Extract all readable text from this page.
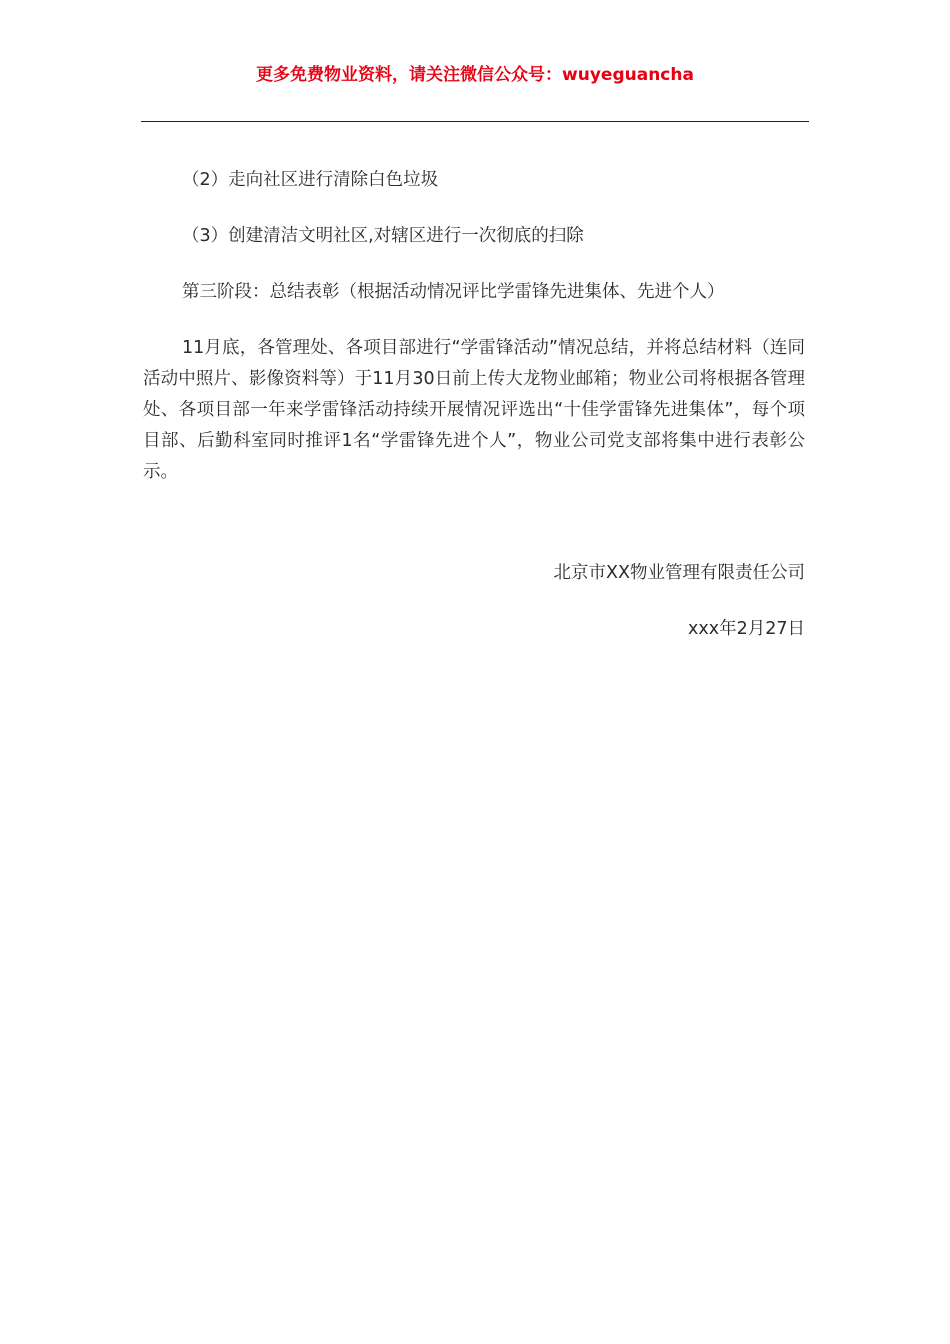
更多免费物业资料，请关注微信公众号：wuyeguancha

（2）走向社区进行清除白色垃圾

（3）创建清洁文明社区,对辖区进行一次彻底的扫除

第三阶段：总结表彰（根据活动情况评比学雷锋先进集体、先进个人）

11月底，各管理处、各项目部进行“学雷锋活动”情况总结，并将总结材料（连同活动中照片、影像资料等）于11月30日前上传大龙物业邮箱；物业公司将根据各管理处、各项目部一年来学雷锋活动持续开展情况评选出“十佳学雷锋先进集体”，每个项目部、后勤科室同时推评1名“学雷锋先进个人”，物业公司党支部将集中进行表彰公示。

北京市XX物业管理有限责任公司
xxx年2月27日
